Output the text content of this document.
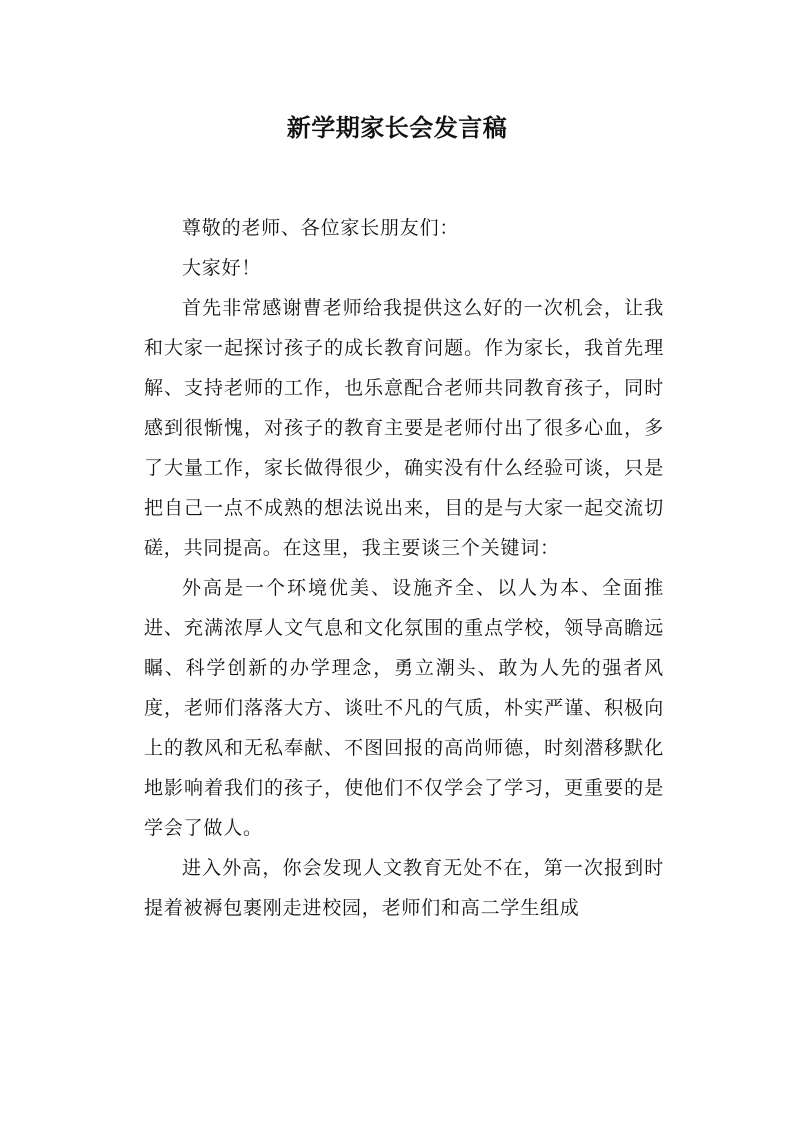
新学期家长会发言稿

尊敬的老师、各位家长朋友们：

大家好！

首先非常感谢曹老师给我提供这么好的一次机会，让我和大家一起探讨孩子的成长教育问题。作为家长，我首先理解、支持老师的工作，也乐意配合老师共同教育孩子，同时感到很惭愧，对孩子的教育主要是老师付出了很多心血，多了大量工作，家长做得很少，确实没有什么经验可谈，只是把自己一点不成熟的想法说出来，目的是与大家一起交流切磋，共同提高。在这里，我主要谈三个关键词：

外高是一个环境优美、设施齐全、以人为本、全面推进、充满浓厚人文气息和文化氛围的重点学校，领导高瞻远瞩、科学创新的办学理念，勇立潮头、敢为人先的强者风度，老师们落落大方、谈吐不凡的气质，朴实严谨、积极向上的教风和无私奉献、不图回报的高尚师德，时刻潜移默化地影响着我们的孩子，使他们不仅学会了学习，更重要的是学会了做人。

进入外高，你会发现人文教育无处不在，第一次报到时提着被褥包裹刚走进校园，老师们和高二学生组成
